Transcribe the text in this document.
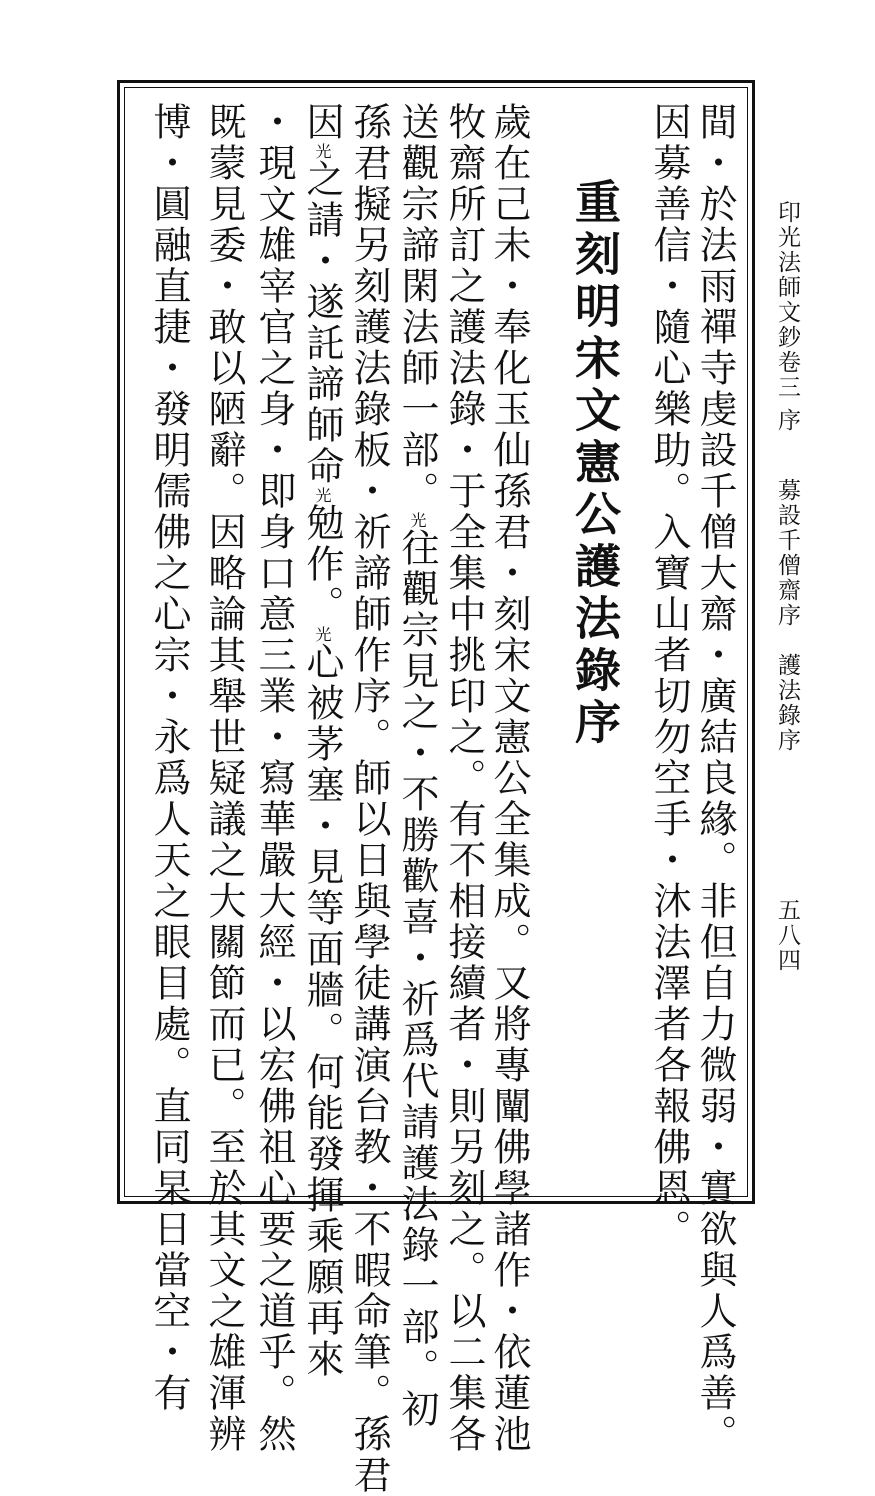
印光法師文鈔卷三
序
募設千僧齋序　護法錄序
五八四
間・於法雨禪寺虔設千僧大齋・廣結良緣。非但自力微弱・實欲與人爲善。
因募善信・隨心樂助。入寶山者切勿空手・沐法澤者各報佛恩。
重刻明宋文憲公護法錄序
歲在己未・奉化玉仙孫君・刻宋文憲公全集成。又將專闡佛學諸作・依蓮池
牧齋所訂之護法錄・于全集中挑印之。有不相接續者・則另刻之。以二集各
送觀宗諦閑法師一部。光往觀宗見之・不勝歡喜・祈爲代請護法錄一部。初
孫君擬另刻護法錄板・祈諦師作序。師以日與學徒講演台教・不暇命筆。孫君
因光之請・遂託諦師命光勉作。光心被茅塞・見等面牆。何能發揮乘願再來
・現文雄宰官之身・即身口意三業・寫華嚴大經・以宏佛祖心要之道乎。然
既蒙見委・敢以陋辭。因略論其舉世疑議之大關節而已。至於其文之雄渾辨
博・圓融直捷・發明儒佛之心宗・永爲人天之眼目處。直同杲日當空・有
